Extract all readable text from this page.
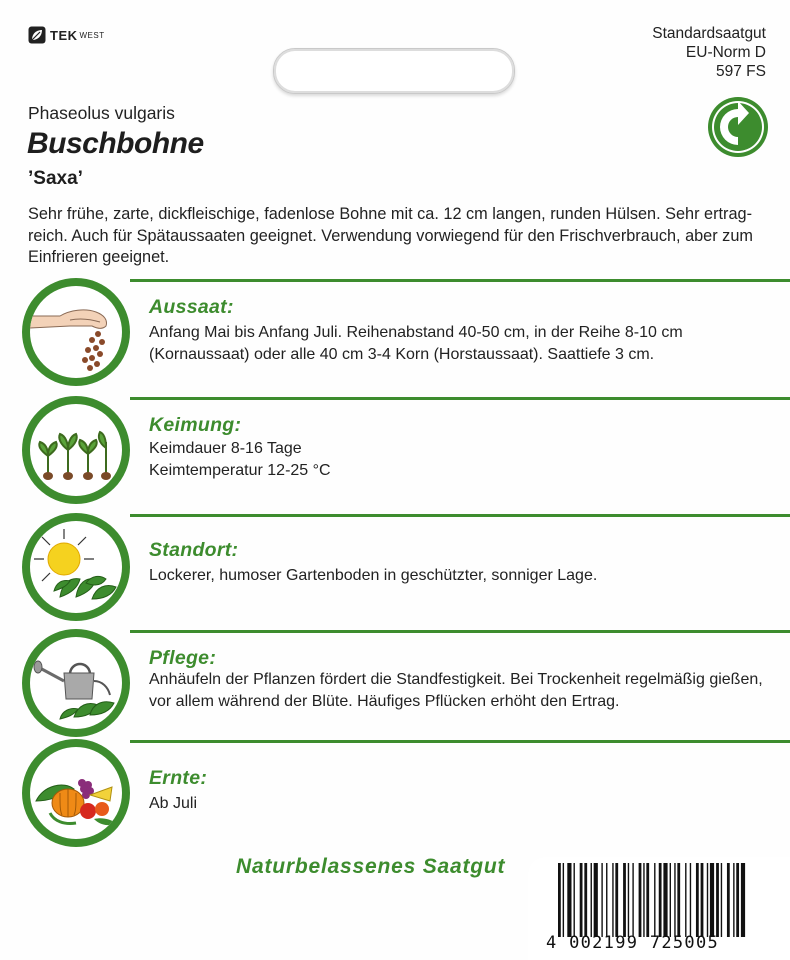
TEK WEST	Standardsaatgut
EU-Norm D
597 FS
Phaseolus vulgaris
Buschbohne
’Saxa’
Sehr frühe, zarte, dickfleischige, fadenlose Bohne mit ca. 12 cm langen, runden Hülsen. Sehr ertrag-reich. Auch für Spätaussaaten geeignet. Verwendung vorwiegend für den Frischverbrauch, aber zum Einfrieren geeignet.
Aussaat:
Anfang Mai bis Anfang Juli. Reihenabstand 40-50 cm, in der Reihe 8-10 cm (Kornaussaat) oder alle 40 cm 3-4 Korn (Horstaussaat). Saattiefe 3 cm.
Keimung:
Keimdauer 8-16 Tage
Keimtemperatur 12-25 °C
Standort:
Lockerer, humoser Gartenboden in geschützter, sonniger Lage.
Pflege:
Anhäufeln der Pflanzen fördert die Standfestigkeit. Bei Trockenheit regelmäßig gießen, vor allem während der Blüte. Häufiges Pflücken erhöht den Ertrag.
Ernte:
Ab Juli
Naturbelassenes Saatgut
4 002199 725005
